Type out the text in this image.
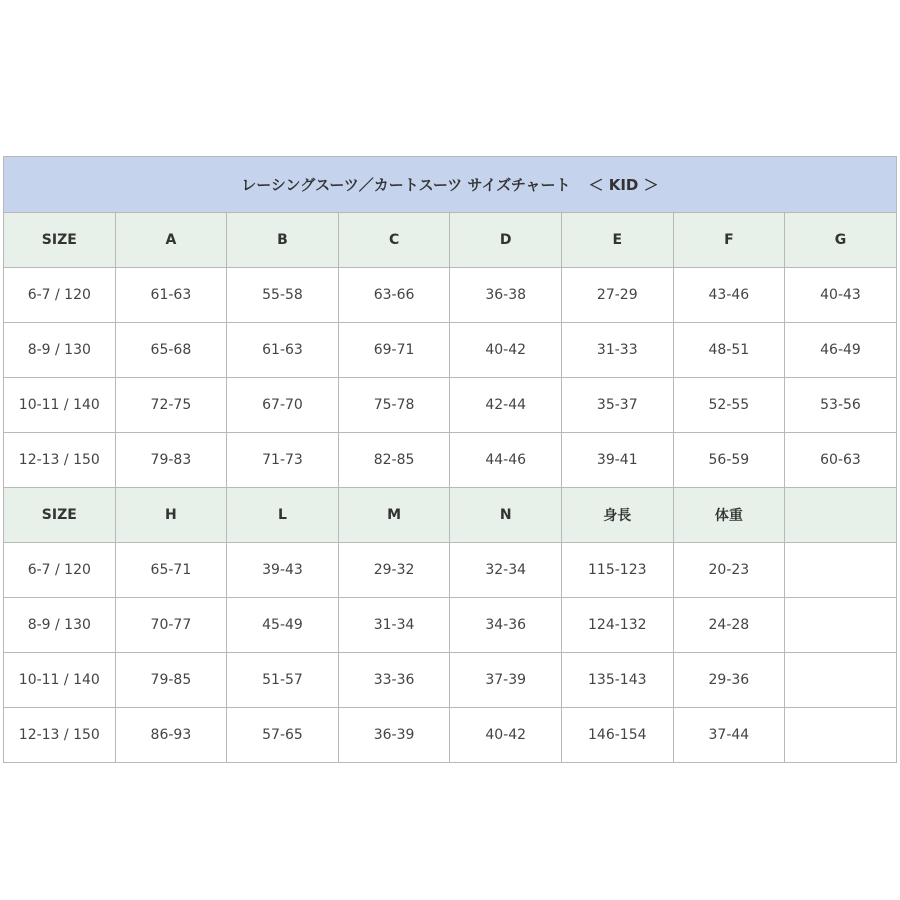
レーシングスーツ／カートスーツ サイズチャート ＜ KID ＞							
SIZE	A	B	C	D	E	F	G
6-7 / 120	61-63	55-58	63-66	36-38	27-29	43-46	40-43
8-9 / 130	65-68	61-63	69-71	40-42	31-33	48-51	46-49
10-11 / 140	72-75	67-70	75-78	42-44	35-37	52-55	53-56
12-13 / 150	79-83	71-73	82-85	44-46	39-41	56-59	60-63
SIZE	H	L	M	N	身長	体重	
6-7 / 120	65-71	39-43	29-32	32-34	115-123	20-23	
8-9 / 130	70-77	45-49	31-34	34-36	124-132	24-28	
10-11 / 140	79-85	51-57	33-36	37-39	135-143	29-36	
12-13 / 150	86-93	57-65	36-39	40-42	146-154	37-44	
